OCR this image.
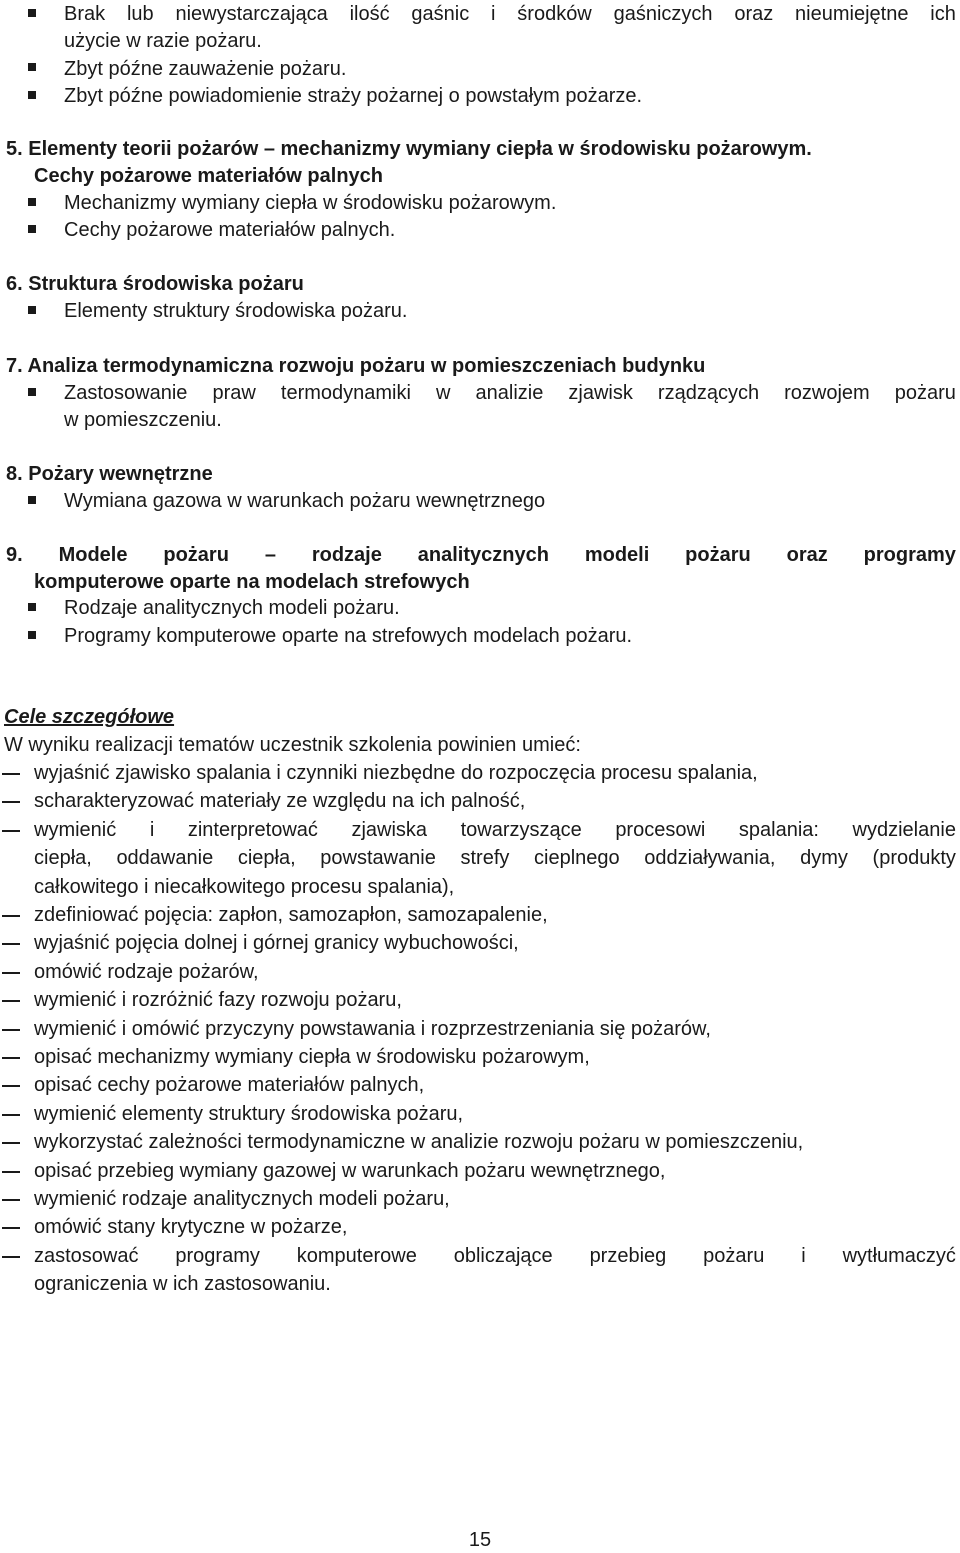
Brak lub niewystarczająca ilość gaśnic i środków gaśniczych oraz nieumiejętne ich
użycie w razie pożaru.
Zbyt późne zauważenie pożaru.
Zbyt późne powiadomienie straży pożarnej o powstałym pożarze.
5. Elementy teorii pożarów – mechanizmy wymiany ciepła w środowisku pożarowym.
Cechy pożarowe materiałów palnych
Mechanizmy wymiany ciepła w środowisku pożarowym.
Cechy pożarowe materiałów palnych.
6. Struktura środowiska pożaru
Elementy struktury środowiska pożaru.
7. Analiza termodynamiczna rozwoju pożaru w pomieszczeniach budynku
Zastosowanie praw termodynamiki w analizie zjawisk rządzących rozwojem pożaru
w pomieszczeniu.
8. Pożary wewnętrzne
Wymiana gazowa w warunkach pożaru wewnętrznego
9. Modele pożaru – rodzaje analitycznych modeli pożaru oraz programy
komputerowe oparte na modelach strefowych
Rodzaje analitycznych modeli pożaru.
Programy komputerowe oparte na strefowych modelach pożaru.
Cele szczegółowe
W wyniku realizacji tematów uczestnik szkolenia powinien umieć:
wyjaśnić zjawisko spalania i czynniki niezbędne do rozpoczęcia procesu spalania,
scharakteryzować materiały ze względu na ich palność,
wymienić i zinterpretować zjawiska towarzyszące procesowi spalania: wydzielanie
ciepła, oddawanie ciepła, powstawanie strefy cieplnego oddziaływania, dymy (produkty
całkowitego i niecałkowitego procesu spalania),
zdefiniować pojęcia: zapłon, samozapłon, samozapalenie,
wyjaśnić pojęcia dolnej i górnej granicy wybuchowości,
omówić rodzaje pożarów,
wymienić i rozróżnić fazy rozwoju pożaru,
wymienić i omówić przyczyny powstawania i rozprzestrzeniania się pożarów,
opisać mechanizmy wymiany ciepła w środowisku pożarowym,
opisać cechy pożarowe materiałów palnych,
wymienić elementy struktury środowiska pożaru,
wykorzystać zależności termodynamiczne w analizie rozwoju pożaru w pomieszczeniu,
opisać przebieg wymiany gazowej w warunkach pożaru wewnętrznego,
wymienić rodzaje analitycznych modeli pożaru,
omówić stany krytyczne w pożarze,
zastosować programy komputerowe obliczające przebieg pożaru i wytłumaczyć
ograniczenia w ich zastosowaniu.
15
